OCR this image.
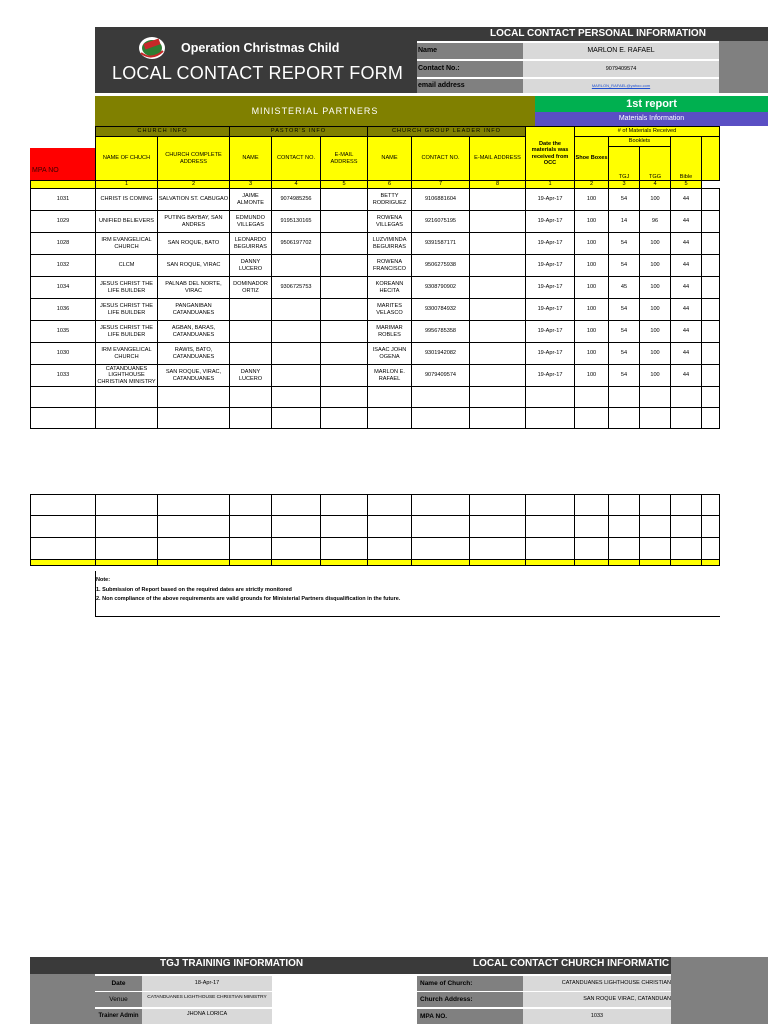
Operation Christmas Child
LOCAL CONTACT REPORT FORM
LOCAL CONTACT PERSONAL INFORMATION
Name	MARLON E. RAFAEL
Contact No.:	9079409574
email address	MARLON_RAFAEL@yahoo.com
MINISTERIAL PARTNERS
1st report
Materials Information
MPA NO
	CHURCH INFO		PASTOR'S INFO			CHURCH GROUP LEADER INFO			Date the materials was received from OCC	# of Materials Received				
	NAME OF CHUCH	CHURCH COMPLETE ADDRESS	NAME	CONTACT NO.	E-MAIL ADDRESS	NAME	CONTACT NO.	E-MAIL ADDRESS		Shoe Boxes	Booklets			
											TGJ	TGG	Bible	
	1	2	3	4	5	6	7	8	1	2	3	4	5	
1031	CHRIST IS COMING	SALVATION ST. CABUGAO	JAIME ALMONTE	9074985256		BETTY RODRIGUEZ	9106881604		19-Apr-17	100	54	100	44	
1029	UNIFIED BELIEVERS	PUTING BAYBAY, SAN ANDRES	EDMUNDO VILLEGAS	9195130165		ROWENA VILLEGAS	9216075195		19-Apr-17	100	14	96	44	
1028	IRM EVANGELICAL CHURCH	SAN ROQUE, BATO	LEONARDO BEGUIRRAS	9506197702		LUZVIMINDA BEGUIRRAS	9391587171		19-Apr-17	100	54	100	44	
1032	CLCM	SAN ROQUE, VIRAC	DANNY LUCERO			ROWENA FRANCISCO	9506275938		19-Apr-17	100	54	100	44	
1034	JESUS CHRIST THE LIFE BUILDER	PALNAB DEL NORTE, VIRAC	DOMINADOR ORTIZ	9306725753		KOREANN HECITA	9308790902		19-Apr-17	100	45	100	44	
1036	JESUS CHRIST THE LIFE BUILDER	PANGANIBAN CATANDUANES				MARITES VELASCO	9300784932		19-Apr-17	100	54	100	44	
1035	JESUS CHRIST THE LIFE BUILDER	AGBAN, BARAS, CATANDUANES				MARIMAR ROBLES	9956785358		19-Apr-17	100	54	100	44	
1030	IRM EVANGELICAL CHURCH	RAWIS, BATO, CATANDUANES				ISAAC JOHN OGENA	9301942082		19-Apr-17	100	54	100	44	
1033	CATANDUANES LIGHTHOUSE CHRISTIAN MINISTRY	SAN ROQUE, VIRAC, CATANDUANES	DANNY LUCERO			MARLON E. RAFAEL	9079409574		19-Apr-17	100	54	100	44	

Note:
1. Submission of Report based on the required dates are strictly monitored
2. Non compliance of the above requirements are valid grounds for Ministerial Partners disqualification in the future.
TGJ TRAINING INFORMATION
Date	18-Apr-17
Venue	CATANDUANES LIGHTHOUSE CHRISTIAN MINISTRY
Trainer Admin	JHONA LORICA
LOCAL CONTACT CHURCH INFORMATIC
Name of Church:	CATANDUANES LIGHTHOUSE CHRISTIAN
Church Address:	SAN ROQUE VIRAC, CATANDUAN
MPA NO.	1033
